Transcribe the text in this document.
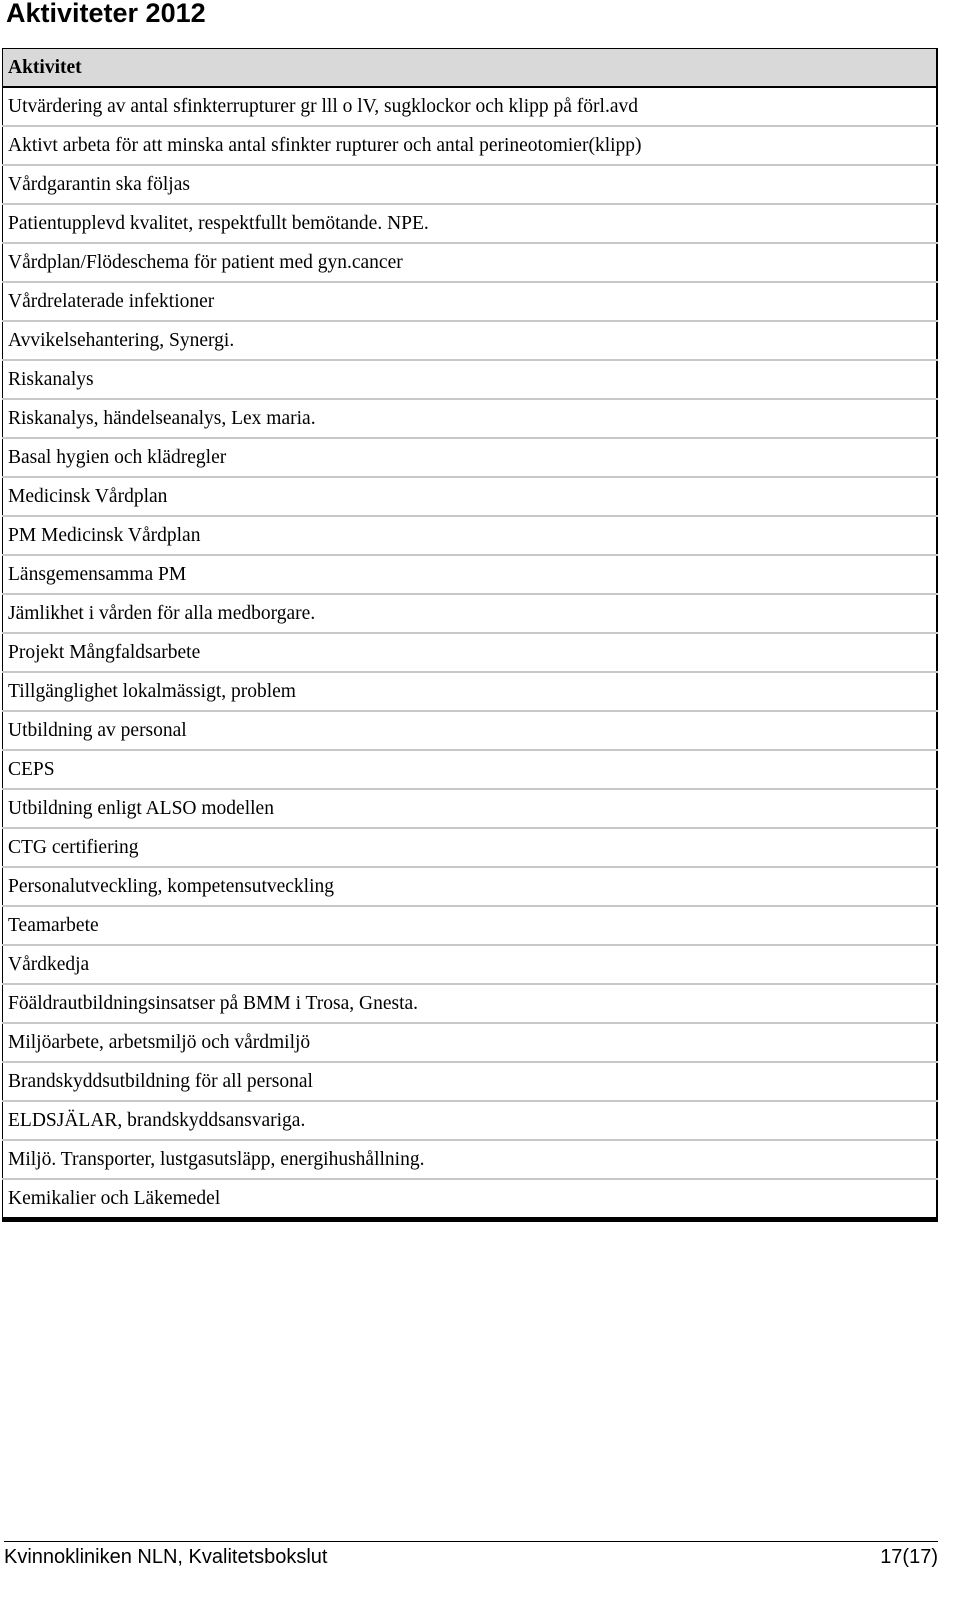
Aktiviteter 2012
Aktivitet
Utvärdering av antal sfinkterrupturer gr lll o lV, sugklockor och klipp på förl.avd
Aktivt arbeta för att minska antal sfinkter rupturer och antal perineotomier(klipp)
Vårdgarantin ska följas
Patientupplevd kvalitet, respektfullt bemötande. NPE.
Vårdplan/Flödeschema för patient med gyn.cancer
Vårdrelaterade infektioner
Avvikelsehantering, Synergi.
Riskanalys
Riskanalys, händelseanalys, Lex maria.
Basal hygien och klädregler
Medicinsk Vårdplan
PM Medicinsk Vårdplan
Länsgemensamma PM
Jämlikhet i vården för alla medborgare.
Projekt Mångfaldsarbete
Tillgänglighet lokalmässigt, problem
Utbildning av personal
CEPS
Utbildning enligt ALSO modellen
CTG certifiering
Personalutveckling, kompetensutveckling
Teamarbete
Vårdkedja
Föäldrautbildningsinsatser på BMM i Trosa, Gnesta.
Miljöarbete, arbetsmiljö och vårdmiljö
Brandskyddsutbildning för all personal
ELDSJÄLAR, brandskyddsansvariga.
Miljö. Transporter, lustgasutsläpp, energihushållning.
Kemikalier och Läkemedel
Kvinnokliniken NLN, Kvalitetsbokslut	17(17)
